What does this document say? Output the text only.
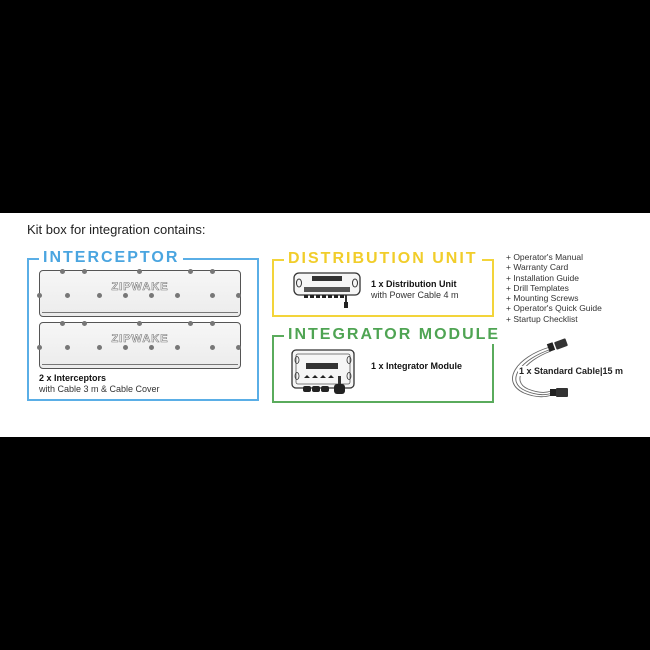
Kit box for integration contains:
INTERCEPTOR
ZIPWAKE
ZIPWAKE
2 x Interceptors
with Cable 3 m & Cable Cover
DISTRIBUTION UNIT
1 x Distribution Unit
with Power Cable 4 m
INTEGRATOR MODULE
1 x Integrator Module
+ Operator's Manual
+ Warranty Card
+ Installation Guide
+ Drill Templates
+ Mounting Screws
+ Operator's Quick Guide
+ Startup Checklist
1 x Standard Cable|15 m
